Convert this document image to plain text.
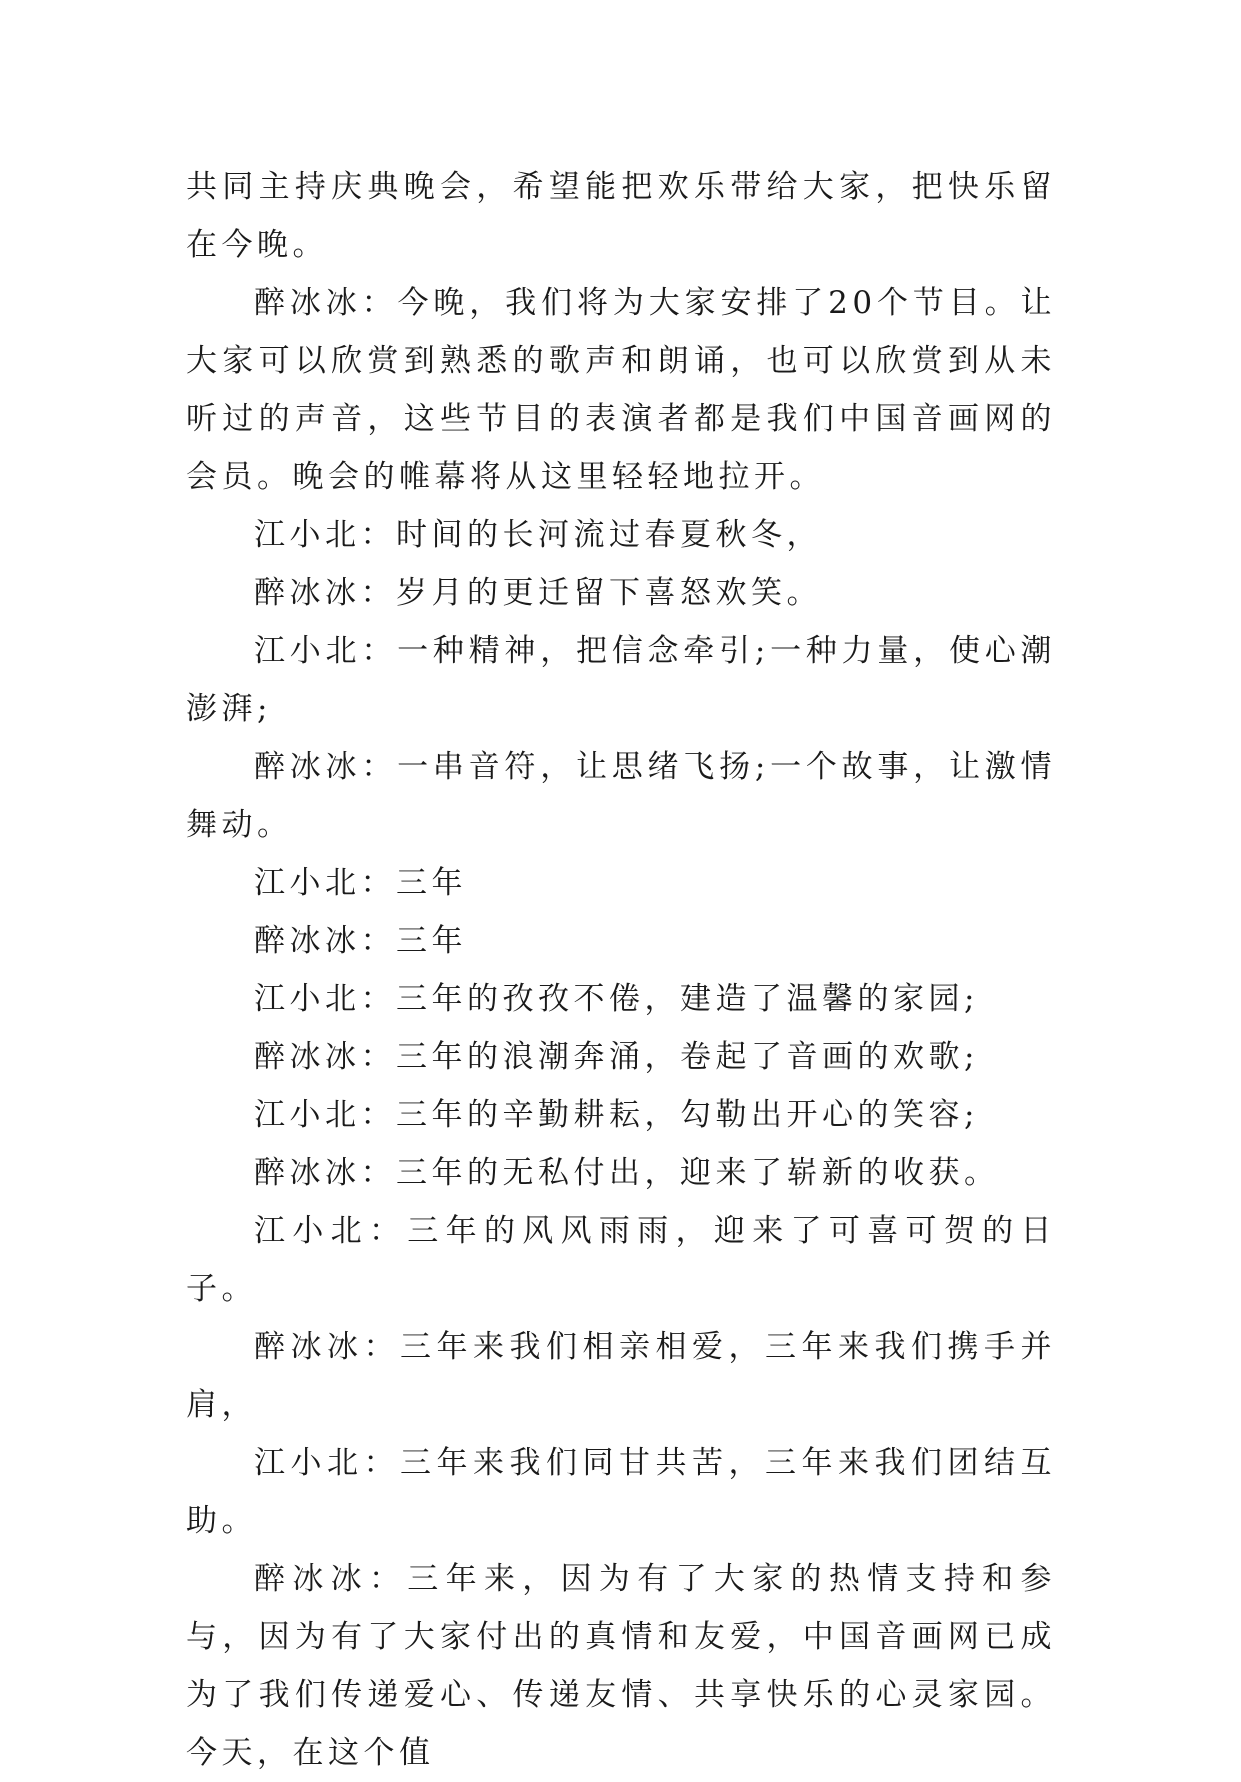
共同主持庆典晚会，希望能把欢乐带给大家，把快乐留在今晚。

醉冰冰：今晚，我们将为大家安排了20个节目。让大家可以欣赏到熟悉的歌声和朗诵，也可以欣赏到从未听过的声音，这些节目的表演者都是我们中国音画网的会员。晚会的帷幕将从这里轻轻地拉开。

江小北：时间的长河流过春夏秋冬，

醉冰冰：岁月的更迁留下喜怒欢笑。

江小北：一种精神，把信念牵引;一种力量，使心潮澎湃;

醉冰冰：一串音符，让思绪飞扬;一个故事，让激情舞动。

江小北：三年

醉冰冰：三年

江小北：三年的孜孜不倦，建造了温馨的家园;

醉冰冰：三年的浪潮奔涌，卷起了音画的欢歌;

江小北：三年的辛勤耕耘，勾勒出开心的笑容;

醉冰冰：三年的无私付出，迎来了崭新的收获。

江小北：三年的风风雨雨，迎来了可喜可贺的日子。

醉冰冰：三年来我们相亲相爱，三年来我们携手并肩，

江小北：三年来我们同甘共苦，三年来我们团结互助。

醉冰冰：三年来，因为有了大家的热情支持和参与，因为有了大家付出的真情和友爱，中国音画网已成为了我们传递爱心、传递友情、共享快乐的心灵家园。今天，在这个值
